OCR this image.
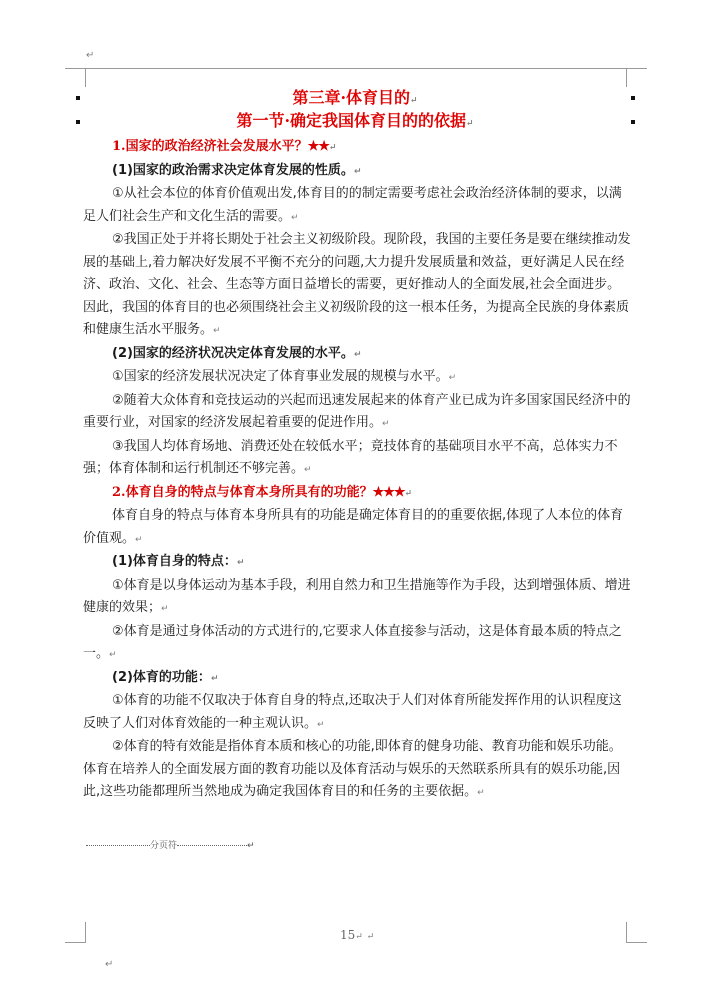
↵
↵
第三章·体育目的↵
第一节·确定我国体育目的的依据↵

1.国家的政治经济社会发展水平？★★↵

(1)国家的政治需求决定体育发展的性质。↵

①从社会本位的体育价值观出发,体育目的的制定需要考虑社会政治经济体制的要求，以满足人们社会生产和文化生活的需要。↵

②我国正处于并将长期处于社会主义初级阶段。现阶段，我国的主要任务是要在继续推动发展的基础上,着力解决好发展不平衡不充分的问题,大力提升发展质量和效益，更好满足人民在经济、政治、文化、社会、生态等方面日益增长的需要，更好推动人的全面发展,社会全面进步。因此，我国的体育目的也必须围绕社会主义初级阶段的这一根本任务，为提高全民族的身体素质和健康生活水平服务。↵

(2)国家的经济状况决定体育发展的水平。↵

①国家的经济发展状况决定了体育事业发展的规模与水平。↵

②随着大众体育和竞技运动的兴起而迅速发展起来的体育产业已成为许多国家国民经济中的重要行业，对国家的经济发展起着重要的促进作用。↵

③我国人均体育场地、消费还处在较低水平；竟技体育的基础项目水平不高，总体实力不强；体育体制和运行机制还不够完善。↵

2.体育自身的特点与体育本身所具有的功能？★★★↵

体育自身的特点与体育本身所具有的功能是确定体育目的的重要依据,体现了人本位的体育价值观。↵

(1)体育自身的特点：↵

①体育是以身体运动为基本手段，利用自然力和卫生措施等作为手段，达到增强体质、增进健康的效果；↵

②体育是通过身体活动的方式进行的,它要求人体直接参与活动，这是体育最本质的特点之一。↵

(2)体育的功能：↵

①体育的功能不仅取决于体育自身的特点,还取决于人们对体育所能发挥作用的认识程度这反映了人们对体育效能的一种主观认识。↵

②体育的特有效能是指体育本质和核心的功能,即体育的健身功能、教育功能和娱乐功能。体育在培养人的全面发展方面的教育功能以及体育活动与娱乐的天然联系所具有的娱乐功能,因此,这些功能都理所当然地成为确定我国体育目的和任务的主要依据。↵

分页符	↵
15↵ ↵
